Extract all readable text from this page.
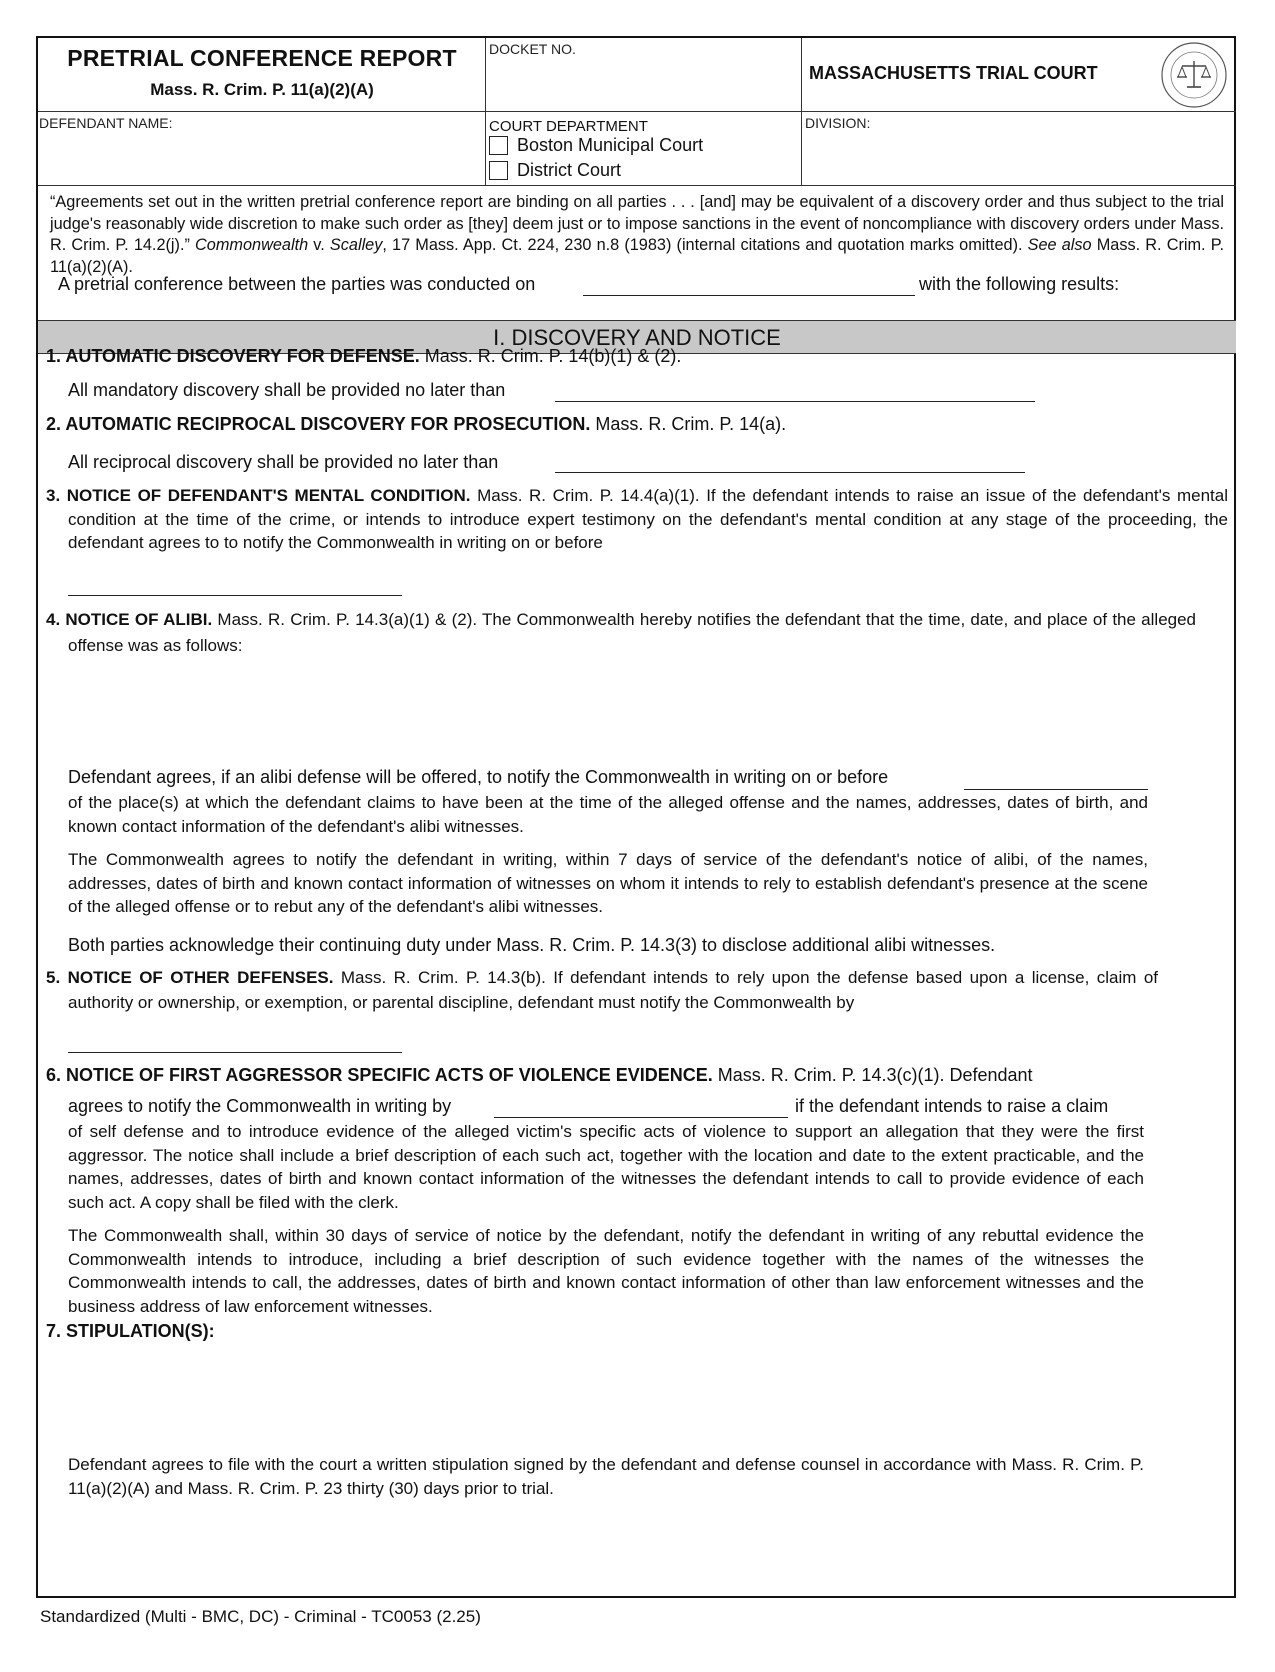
PRETRIAL CONFERENCE REPORT
Mass. R. Crim. P. 11(a)(2)(A)
DOCKET NO.
MASSACHUSETTS TRIAL COURT
DEFENDANT NAME:	COURT DEPARTMENT
Boston Municipal Court
District Court
DIVISION:
“Agreements set out in the written pretrial conference report are binding on all parties . . . [and] may be equivalent of a discovery order and thus subject to the trial judge's reasonably wide discretion to make such order as [they] deem just or to impose sanctions in the event of noncompliance with discovery orders under Mass. R. Crim. P. 14.2(j).” Commonwealth v. Scalley, 17 Mass. App. Ct. 224, 230 n.8 (1983) (internal citations and quotation marks omitted). See also Mass. R. Crim. P. 11(a)(2)(A).
A pretrial conference between the parties was conducted on	with the following results:
I. DISCOVERY AND NOTICE
1. AUTOMATIC DISCOVERY FOR DEFENSE. Mass. R. Crim. P. 14(b)(1) & (2).
All mandatory discovery shall be provided no later than
2. AUTOMATIC RECIPROCAL DISCOVERY FOR PROSECUTION. Mass. R. Crim. P. 14(a).
All reciprocal discovery shall be provided no later than
3. NOTICE OF DEFENDANT'S MENTAL CONDITION. Mass. R. Crim. P. 14.4(a)(1). If the defendant intends to raise an issue of the defendant's mental condition at the time of the crime, or intends to introduce expert testimony on the defendant's mental condition at any stage of the proceeding, the defendant agrees to to notify the Commonwealth in writing on or before
4. NOTICE OF ALIBI. Mass. R. Crim. P. 14.3(a)(1) & (2). The Commonwealth hereby notifies the defendant that the time, date, and place of the alleged offense was as follows:
Defendant agrees, if an alibi defense will be offered, to notify the Commonwealth in writing on or before
of the place(s) at which the defendant claims to have been at the time of the alleged offense and the names, addresses, dates of birth, and known contact information of the defendant's alibi witnesses.
The Commonwealth agrees to notify the defendant in writing, within 7 days of service of the defendant's notice of alibi, of the names, addresses, dates of birth and known contact information of witnesses on whom it intends to rely to establish defendant's presence at the scene of the alleged offense or to rebut any of the defendant's alibi witnesses.
Both parties acknowledge their continuing duty under Mass. R. Crim. P. 14.3(3) to disclose additional alibi witnesses.
5. NOTICE OF OTHER DEFENSES. Mass. R. Crim. P. 14.3(b). If defendant intends to rely upon the defense based upon a license, claim of authority or ownership, or exemption, or parental discipline, defendant must notify the Commonwealth by
6. NOTICE OF FIRST AGGRESSOR SPECIFIC ACTS OF VIOLENCE EVIDENCE. Mass. R. Crim. P. 14.3(c)(1). Defendant
agrees to notify the Commonwealth in writing by	if the defendant intends to raise a claim
of self defense and to introduce evidence of the alleged victim's specific acts of violence to support an allegation that they were the first aggressor. The notice shall include a brief description of each such act, together with the location and date to the extent practicable, and the names, addresses, dates of birth and known contact information of the witnesses the defendant intends to call to provide evidence of each such act. A copy shall be filed with the clerk.
The Commonwealth shall, within 30 days of service of notice by the defendant, notify the defendant in writing of any rebuttal evidence the Commonwealth intends to introduce, including a brief description of such evidence together with the names of the witnesses the Commonwealth intends to call, the addresses, dates of birth and known contact information of other than law enforcement witnesses and the business address of law enforcement witnesses.
7. STIPULATION(S):
Defendant agrees to file with the court a written stipulation signed by the defendant and defense counsel in accordance with Mass. R. Crim. P. 11(a)(2)(A) and Mass. R. Crim. P. 23 thirty (30) days prior to trial.
Standardized (Multi - BMC, DC) - Criminal - TC0053 (2.25)
